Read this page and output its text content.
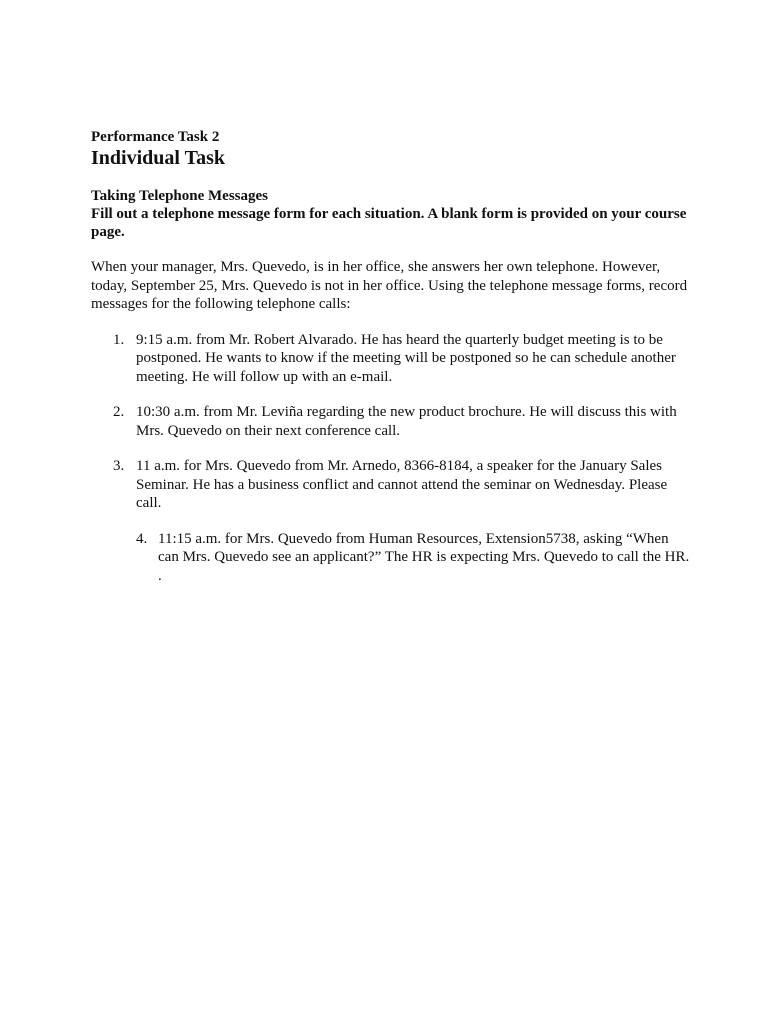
Performance Task 2

Individual Task

Taking Telephone Messages

Fill out a telephone message form for each situation. A blank form is provided on your course page.

When your manager, Mrs. Quevedo, is in her office, she answers her own telephone. However, today, September 25, Mrs. Quevedo is not in her office. Using the telephone message forms, record messages for the following telephone calls:

1. 9:15 a.m. from Mr. Robert Alvarado. He has heard the quarterly budget meeting is to be postponed. He wants to know if the meeting will be postponed so he can schedule another meeting. He will follow up with an e-mail.
2. 10:30 a.m. from Mr. Leviña regarding the new product brochure. He will discuss this with Mrs. Quevedo on their next conference call.
3. 11 a.m. for Mrs. Quevedo from Mr. Arnedo, 8366-8184, a speaker for the January Sales Seminar. He has a business conflict and cannot attend the seminar on Wednesday. Please call.
4. 11:15 a.m. for Mrs. Quevedo from Human Resources, Extension5738, asking “When can Mrs. Quevedo see an applicant?” The HR is expecting Mrs. Quevedo to call the HR. .
